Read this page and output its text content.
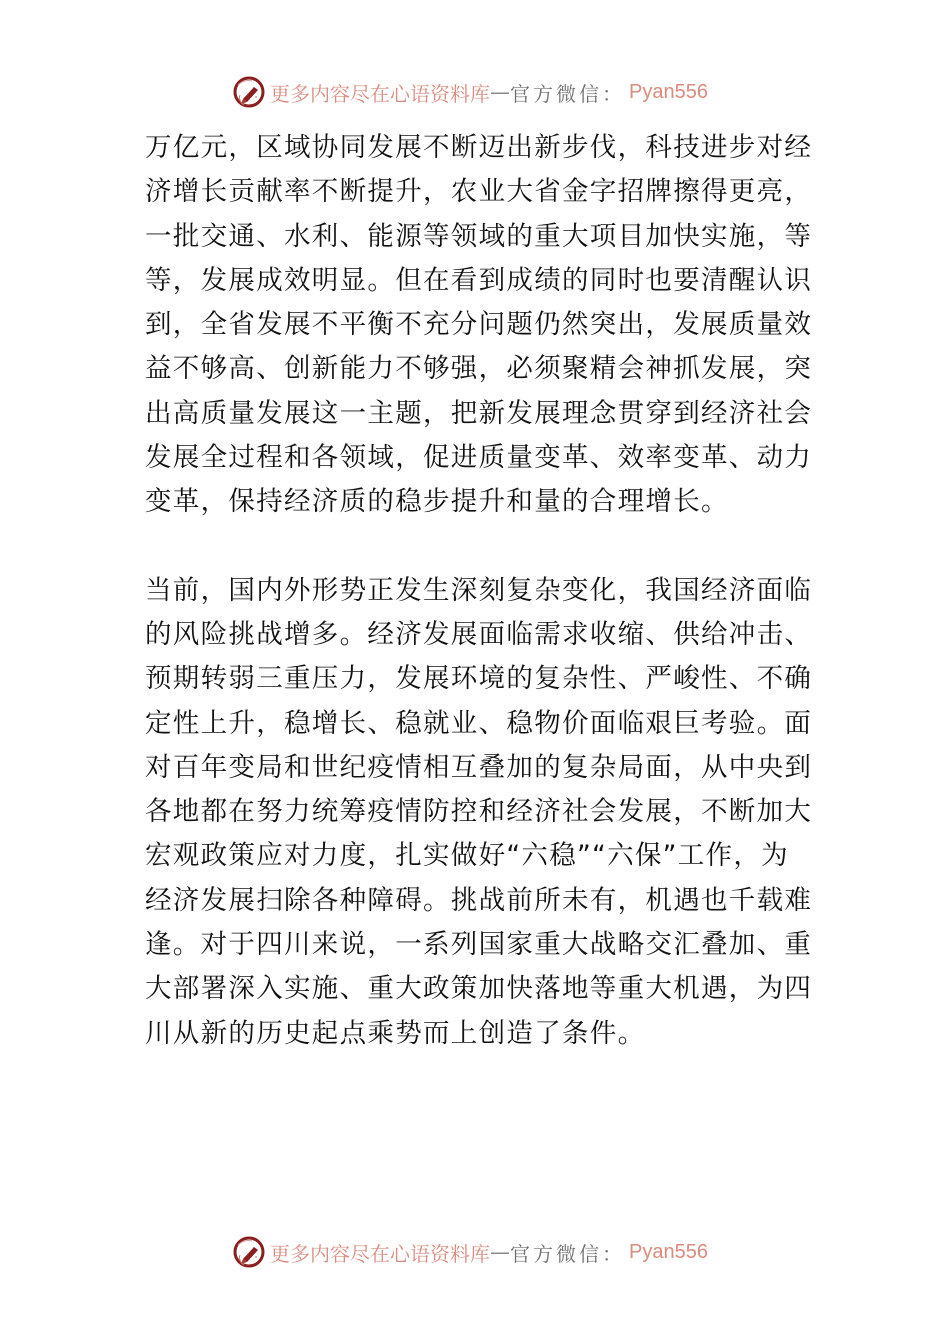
更多内容尽在心语资料库 — 官方微信： Pyan556
万亿元，区域协同发展不断迈出新步伐，科技进步对经
济增长贡献率不断提升，农业大省金字招牌擦得更亮，
一批交通、水利、能源等领域的重大项目加快实施，等
等，发展成效明显。但在看到成绩的同时也要清醒认识
到，全省发展不平衡不充分问题仍然突出，发展质量效
益不够高、创新能力不够强，必须聚精会神抓发展，突
出高质量发展这一主题，把新发展理念贯穿到经济社会
发展全过程和各领域，促进质量变革、效率变革、动力
变革，保持经济质的稳步提升和量的合理增长。
当前，国内外形势正发生深刻复杂变化，我国经济面临
的风险挑战增多。经济发展面临需求收缩、供给冲击、
预期转弱三重压力，发展环境的复杂性、严峻性、不确
定性上升，稳增长、稳就业、稳物价面临艰巨考验。面
对百年变局和世纪疫情相互叠加的复杂局面，从中央到
各地都在努力统筹疫情防控和经济社会发展，不断加大
宏观政策应对力度，扎实做好“六稳”“六保”工作，为
经济发展扫除各种障碍。挑战前所未有，机遇也千载难
逢。对于四川来说，一系列国家重大战略交汇叠加、重
大部署深入实施、重大政策加快落地等重大机遇，为四
川从新的历史起点乘势而上创造了条件。
更多内容尽在心语资料库 — 官方微信： Pyan556
